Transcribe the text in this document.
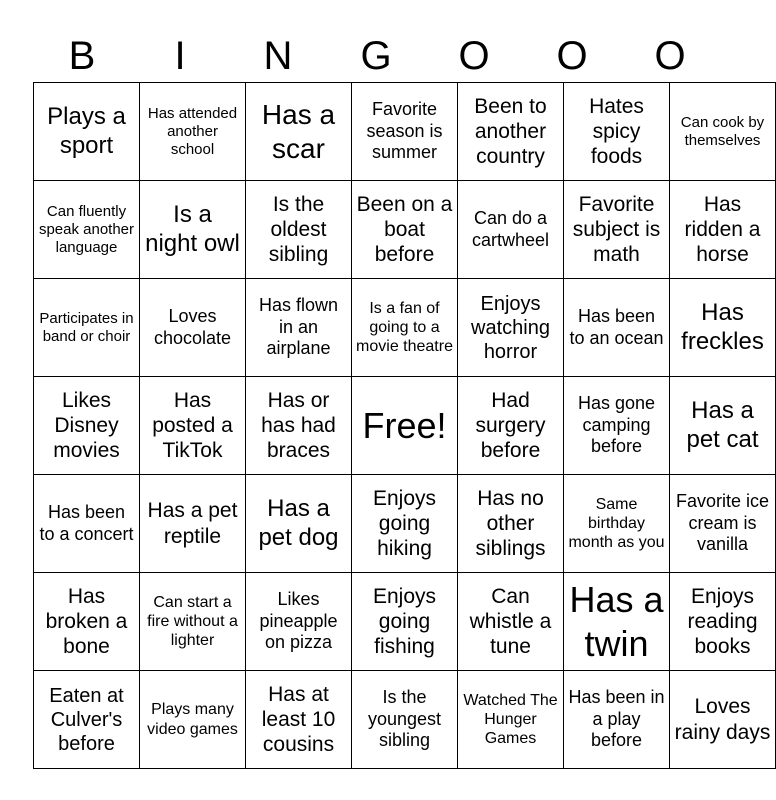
B	I	N	G	O	O	O
Plays a sport	Has attended another school	Has a scar	Favorite season is summer	Been to another country	Hates spicy foods	Can cook by themselves
Can fluently speak another language	Is a night owl	Is the oldest sibling	Been on a boat before	Can do a cartwheel	Favorite subject is math	Has ridden a horse
Participates in band or choir	Loves chocolate	Has flown in an airplane	Is a fan of going to a movie theatre	Enjoys watching horror	Has been to an ocean	Has freckles
Likes Disney movies	Has posted a TikTok	Has or has had braces	Free!	Had surgery before	Has gone camping before	Has a pet cat
Has been to a concert	Has a pet reptile	Has a pet dog	Enjoys going hiking	Has no other siblings	Same birthday month as you	Favorite ice cream is vanilla
Has broken a bone	Can start a fire without a lighter	Likes pineapple on pizza	Enjoys going fishing	Can whistle a tune	Has a twin	Enjoys reading books
Eaten at Culver's before	Plays many video games	Has at least 10 cousins	Is the youngest sibling	Watched The Hunger Games	Has been in a play before	Loves rainy days
